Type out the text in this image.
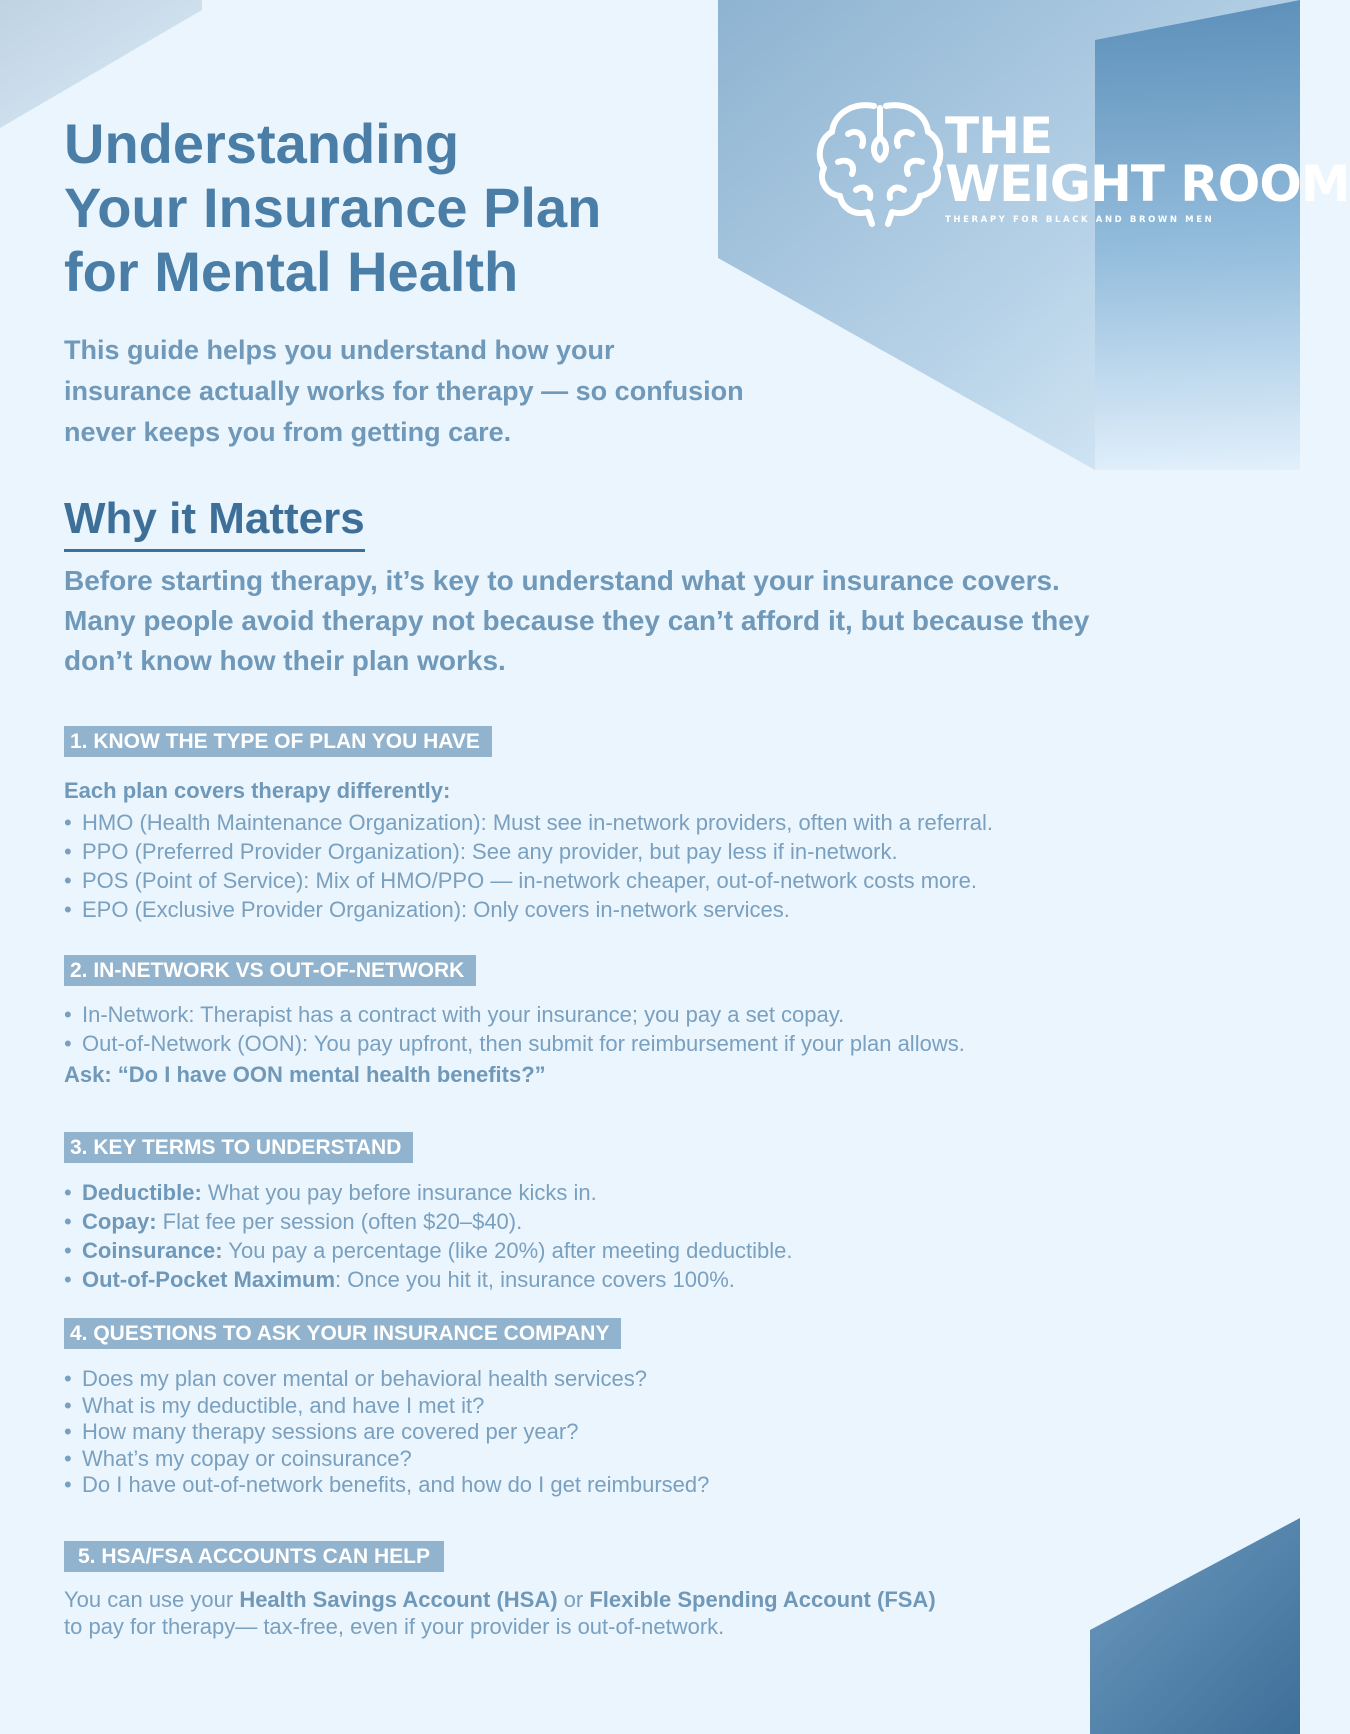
THE
WEIGHT ROOM
THERAPY FOR BLACK AND BROWN MEN
Understanding
Your Insurance Plan
for Mental Health

This guide helps you understand how your
insurance actually works for therapy — so confusion
never keeps you from getting care.

Why it Matters

Before starting therapy, it’s key to understand what your insurance covers.
Many people avoid therapy not because they can’t afford it, but because they
don’t know how their plan works.

1. KNOW THE TYPE OF PLAN YOU HAVE

Each plan covers therapy differently:

• HMO (Health Maintenance Organization): Must see in-network providers, often with a referral.
• PPO (Preferred Provider Organization): See any provider, but pay less if in-network.
• POS (Point of Service): Mix of HMO/PPO — in-network cheaper, out-of-network costs more.
• EPO (Exclusive Provider Organization): Only covers in-network services.
2. IN-NETWORK VS OUT-OF-NETWORK
• In-Network: Therapist has a contract with your insurance; you pay a set copay.
• Out-of-Network (OON): You pay upfront, then submit for reimbursement if your plan allows.

Ask: “Do I have OON mental health benefits?”

3. KEY TERMS TO UNDERSTAND
• Deductible: What you pay before insurance kicks in.
• Copay: Flat fee per session (often $20–$40).
• Coinsurance: You pay a percentage (like 20%) after meeting deductible.
• Out-of-Pocket Maximum: Once you hit it, insurance covers 100%.
4. QUESTIONS TO ASK YOUR INSURANCE COMPANY
• Does my plan cover mental or behavioral health services?
• What is my deductible, and have I met it?
• How many therapy sessions are covered per year?
• What’s my copay or coinsurance?
• Do I have out-of-network benefits, and how do I get reimbursed?
5. HSA/FSA ACCOUNTS CAN HELP

You can use your Health Savings Account (HSA) or Flexible Spending Account (FSA)
to pay for therapy— tax-free, even if your provider is out-of-network.
